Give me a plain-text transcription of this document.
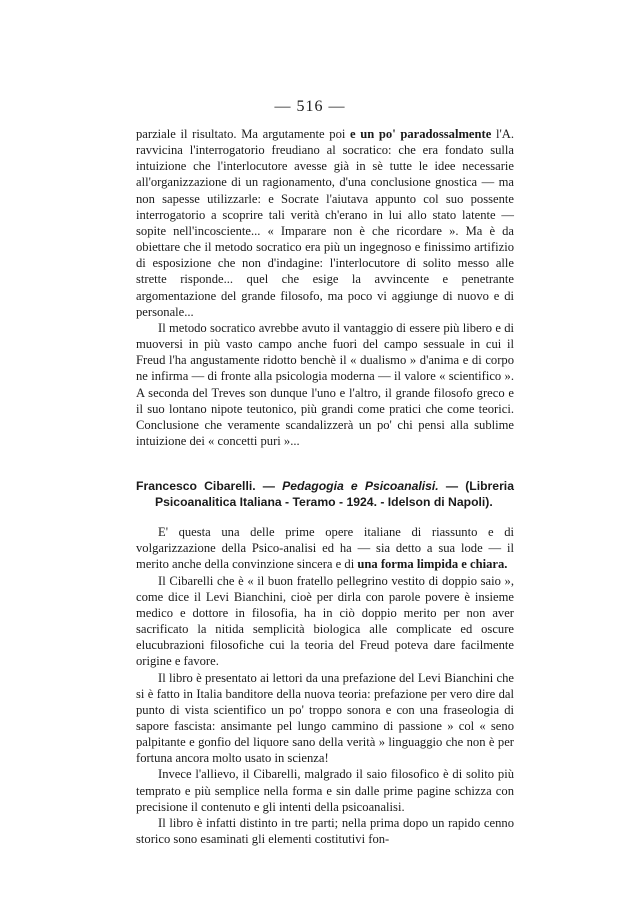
— 516 —

parziale il risultato. Ma argutamente poi e un po' paradossalmente l'A. ravvicina l'interrogatorio freudiano al socratico: che era fondato sulla intuizione che l'interlocutore avesse già in sè tutte le idee necessarie all'organizzazione di un ragionamento, d'una conclusione gnostica — ma non sapesse utilizzarle: e Socrate l'aiutava appunto col suo possente interrogatorio a scoprire tali verità ch'erano in lui allo stato latente — sopite nell'incosciente... « Imparare non è che ricordare ». Ma è da obiettare che il metodo socratico era più un ingegnoso e finissimo artifizio di esposizione che non d'indagine: l'interlocutore di solito messo alle strette risponde... quel che esige la avvincente e penetrante argomentazione del grande filosofo, ma poco vi aggiunge di nuovo e di personale...

Il metodo socratico avrebbe avuto il vantaggio di essere più libero e di muoversi in più vasto campo anche fuori del campo sessuale in cui il Freud l'ha angustamente ridotto benchè il « dualismo » d'anima e di corpo ne infirma — di fronte alla psicologia moderna — il valore « scientifico ». A seconda del Treves son dunque l'uno e l'altro, il grande filosofo greco e il suo lontano nipote teutonico, più grandi come pratici che come teorici. Conclusione che veramente scandalizzerà un po' chi pensi alla sublime intuizione dei « concetti puri »...

Francesco Cibarelli. — Pedagogia e Psicoanalisi. — (Libreria Psicoanalitica Italiana - Teramo - 1924. - Idelson di Napoli).

E' questa una delle prime opere italiane di riassunto e di volgarizzazione della Psico-analisi ed ha — sia detto a sua lode — il merito anche della convinzione sincera e di una forma limpida e chiara.

Il Cibarelli che è « il buon fratello pellegrino vestito di doppio saio », come dice il Levi Bianchini, cioè per dirla con parole povere è insieme medico e dottore in filosofia, ha in ciò doppio merito per non aver sacrificato la nitida semplicità biologica alle complicate ed oscure elucubrazioni filosofiche cui la teoria del Freud poteva dare facilmente origine e favore.

Il libro è presentato ai lettori da una prefazione del Levi Bianchini che si è fatto in Italia banditore della nuova teoria: prefazione per vero dire dal punto di vista scientifico un po' troppo sonora e con una fraseologia di sapore fascista: ansimante pel lungo cammino di passione » col « seno palpitante e gonfio del liquore sano della verità » linguaggio che non è per fortuna ancora molto usato in scienza!

Invece l'allievo, il Cibarelli, malgrado il saio filosofico è di solito più temprato e più semplice nella forma e sin dalle prime pagine schizza con precisione il contenuto e gli intenti della psicoanalisi.

Il libro è infatti distinto in tre parti; nella prima dopo un rapido cenno storico sono esaminati gli elementi costitutivi fon-
